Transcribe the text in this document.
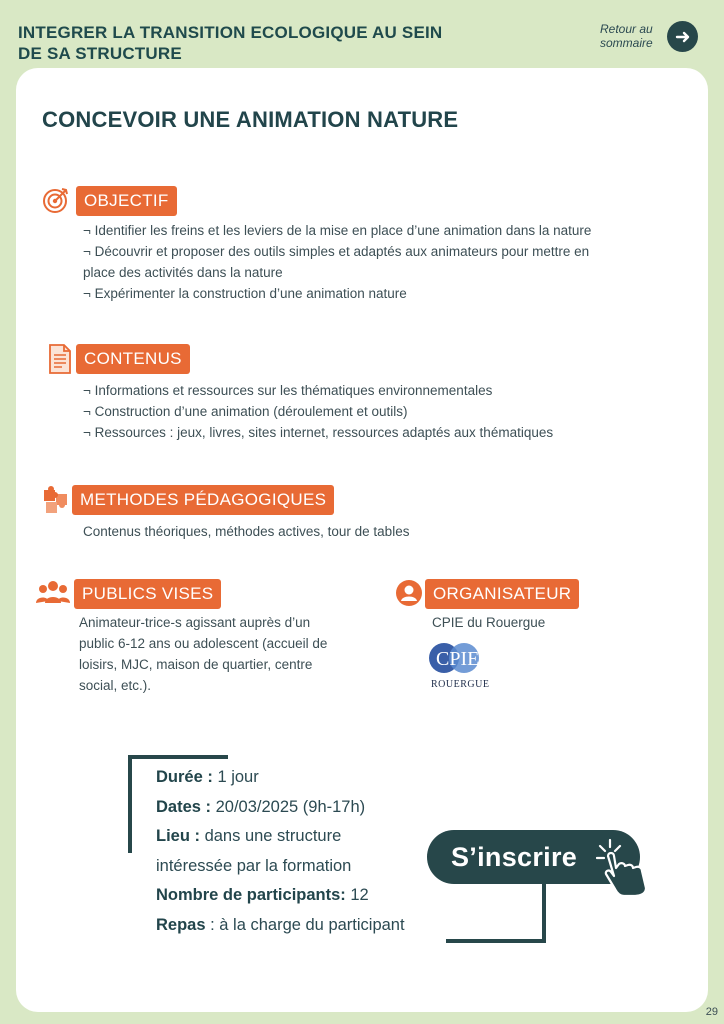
INTEGRER LA TRANSITION ECOLOGIQUE AU SEIN
DE SA STRUCTURE
Retour au
sommaire
CONCEVOIR UNE ANIMATION NATURE
OBJECTIF
¬ Identifier les freins et les leviers de la mise en place d’une animation dans la nature
¬ Découvrir et proposer des outils simples et adaptés aux animateurs pour mettre en
place des activités dans la nature
¬ Expérimenter la construction d’une animation nature
CONTENUS
¬ Informations et ressources sur les thématiques environnementales
¬ Construction d’une animation (déroulement et outils)
¬ Ressources : jeux, livres, sites internet, ressources adaptés aux thématiques
METHODES PÉDAGOGIQUES
Contenus théoriques, méthodes actives, tour de tables
PUBLICS VISES
Animateur-trice-s agissant auprès d’un
public 6-12 ans ou adolescent (accueil de
loisirs, MJC, maison de quartier, centre
social, etc.).
ORGANISATEUR
CPIE du Rouergue
CPIE
ROUERGUE
Durée : 1 jour
Dates : 20/03/2025 (9h-17h)
Lieu : dans une structure
intéressée par la formation
Nombre de participants: 12
Repas : à la charge du participant
S’inscrire
29
